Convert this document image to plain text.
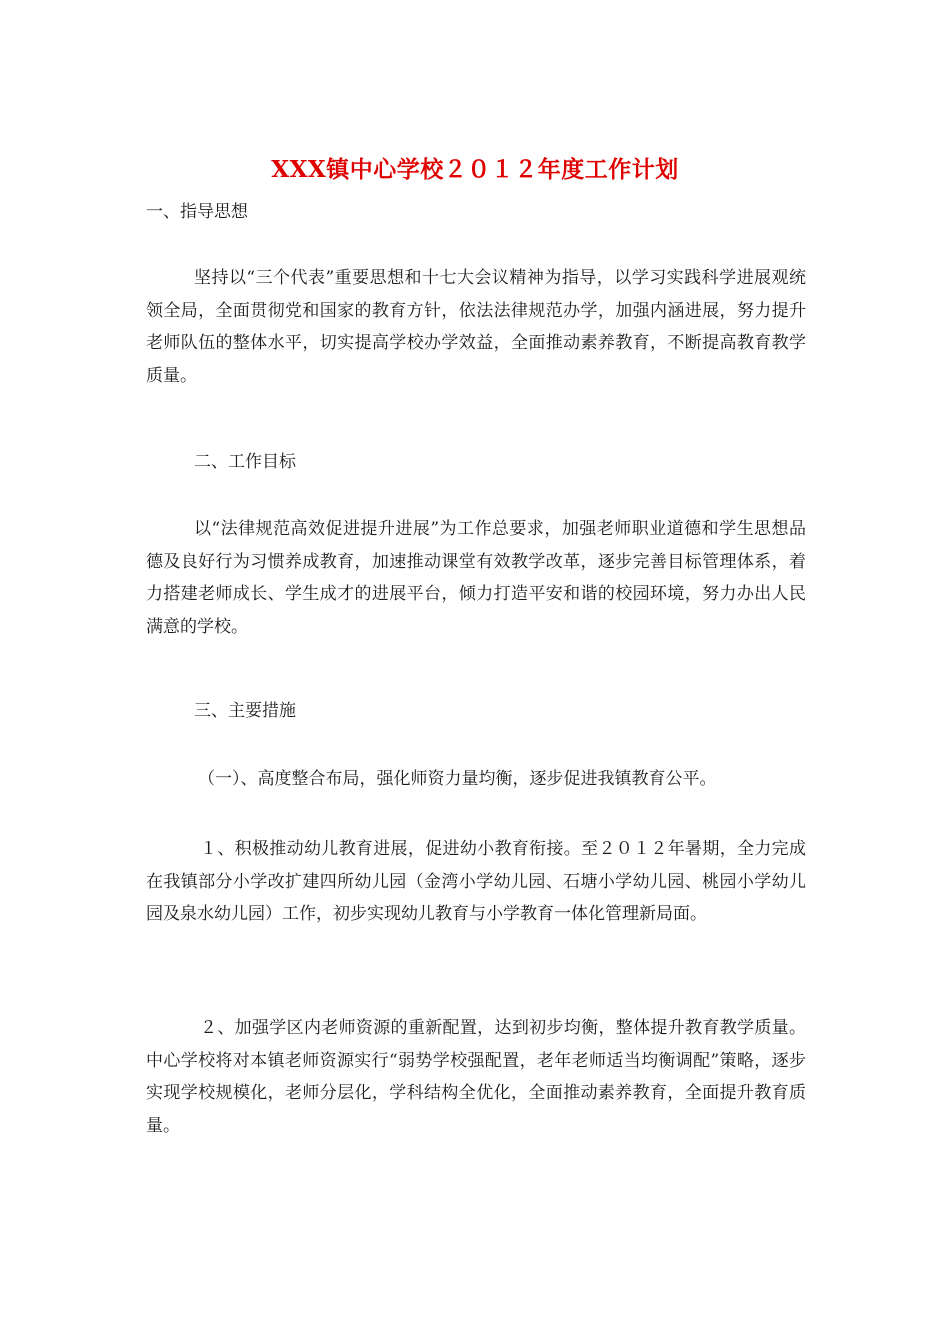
XXX镇中心学校２０１２年度工作计划
一、指导思想
坚持以“三个代表”重要思想和十七大会议精神为指导，以学习实践科学进展观统领全局，全面贯彻党和国家的教育方针，依法法律规范办学，加强内涵进展，努力提升老师队伍的整体水平，切实提高学校办学效益，全面推动素养教育，不断提高教育教学质量。
二、工作目标
以“法律规范高效促进提升进展”为工作总要求，加强老师职业道德和学生思想品德及良好行为习惯养成教育，加速推动课堂有效教学改革，逐步完善目标管理体系，着力搭建老师成长、学生成才的进展平台，倾力打造平安和谐的校园环境，努力办出人民满意的学校。
三、主要措施
（一）、高度整合布局，强化师资力量均衡，逐步促进我镇教育公平。
１、积极推动幼儿教育进展，促进幼小教育衔接。至２０１２年暑期，全力完成在我镇部分小学改扩建四所幼儿园（金湾小学幼儿园、石塘小学幼儿园、桃园小学幼儿园及泉水幼儿园）工作，初步实现幼儿教育与小学教育一体化管理新局面。
２、加强学区内老师资源的重新配置，达到初步均衡，整体提升教育教学质量。中心学校将对本镇老师资源实行“弱势学校强配置，老年老师适当均衡调配”策略，逐步实现学校规模化，老师分层化，学科结构全优化，全面推动素养教育，全面提升教育质量。
